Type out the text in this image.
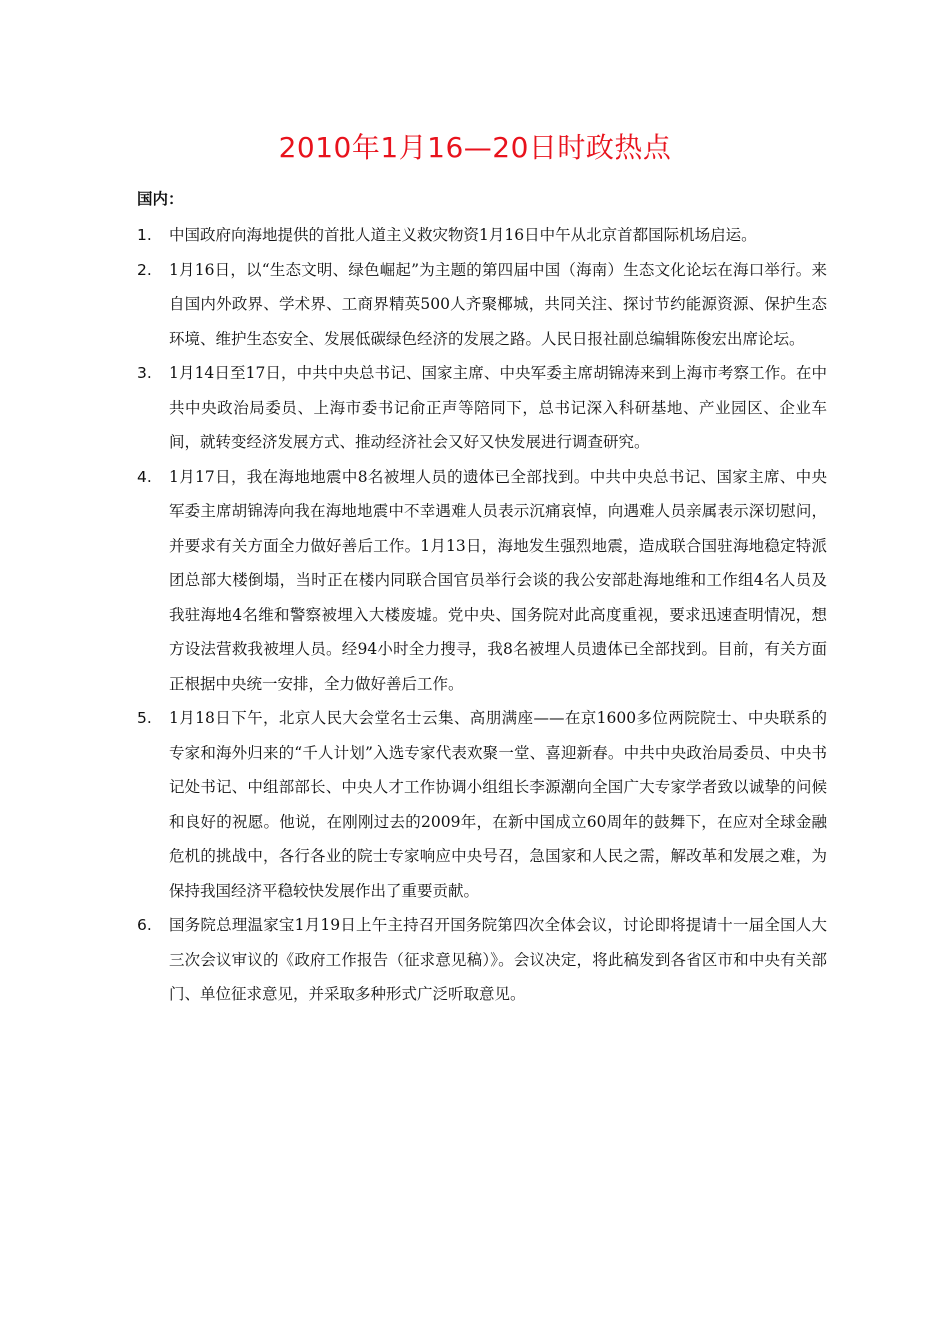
2010年1月16—20日时政热点
国内：
1.	中国政府向海地提供的首批人道主义救灾物资1月16日中午从北京首都国际机场启运。
2.	1月16日，以“生态文明、绿色崛起”为主题的第四届中国（海南）生态文化论坛在海口举行。来自国内外政界、学术界、工商界精英500人齐聚椰城，共同关注、探讨节约能源资源、保护生态环境、维护生态安全、发展低碳绿色经济的发展之路。人民日报社副总编辑陈俊宏出席论坛。
3.	1月14日至17日，中共中央总书记、国家主席、中央军委主席胡锦涛来到上海市考察工作。在中共中央政治局委员、上海市委书记俞正声等陪同下，总书记深入科研基地、产业园区、企业车间，就转变经济发展方式、推动经济社会又好又快发展进行调查研究。
4.	1月17日，我在海地地震中8名被埋人员的遗体已全部找到。中共中央总书记、国家主席、中央军委主席胡锦涛向我在海地地震中不幸遇难人员表示沉痛哀悼，向遇难人员亲属表示深切慰问，并要求有关方面全力做好善后工作。1月13日，海地发生强烈地震，造成联合国驻海地稳定特派团总部大楼倒塌，当时正在楼内同联合国官员举行会谈的我公安部赴海地维和工作组4名人员及我驻海地4名维和警察被埋入大楼废墟。党中央、国务院对此高度重视，要求迅速查明情况，想方设法营救我被埋人员。经94小时全力搜寻，我8名被埋人员遗体已全部找到。目前，有关方面正根据中央统一安排，全力做好善后工作。
5.	1月18日下午，北京人民大会堂名士云集、高朋满座——在京1600多位两院院士、中央联系的专家和海外归来的“千人计划”入选专家代表欢聚一堂、喜迎新春。中共中央政治局委员、中央书记处书记、中组部部长、中央人才工作协调小组组长李源潮向全国广大专家学者致以诚挚的问候和良好的祝愿。他说，在刚刚过去的2009年，在新中国成立60周年的鼓舞下，在应对全球金融危机的挑战中，各行各业的院士专家响应中央号召，急国家和人民之需，解改革和发展之难，为保持我国经济平稳较快发展作出了重要贡献。
6.	国务院总理温家宝1月19日上午主持召开国务院第四次全体会议，讨论即将提请十一届全国人大三次会议审议的《政府工作报告（征求意见稿）》。会议决定，将此稿发到各省区市和中央有关部门、单位征求意见，并采取多种形式广泛听取意见。
